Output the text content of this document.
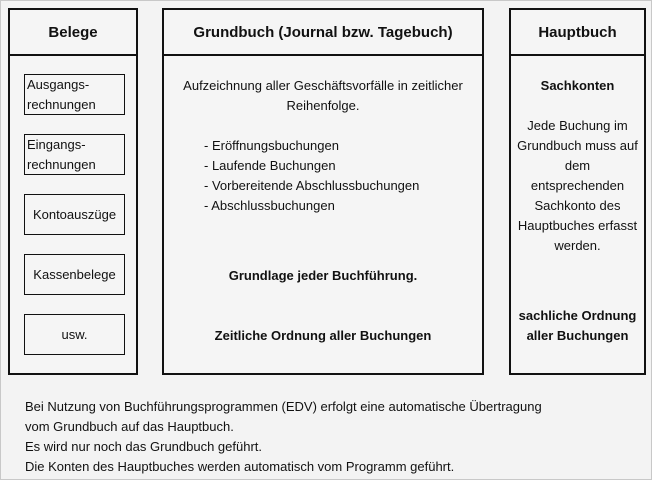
Belege
Ausgangs-
rechnungen
Eingangs-
rechnungen
Kontoauszüge
Kassenbelege
usw.
Grundbuch (Journal bzw. Tagebuch)
Aufzeichnung aller Geschäftsvorfälle in zeitlicher
Reihenfolge.
- Eröffnungsbuchungen
- Laufende Buchungen
- Vorbereitende Abschlussbuchungen
- Abschlussbuchungen
Grundlage jeder Buchführung.
Zeitliche Ordnung aller Buchungen
Hauptbuch
Sachkonten
Jede Buchung im
Grundbuch muss auf
dem
entsprechenden
Sachkonto des
Hauptbuches erfasst
werden.
sachliche Ordnung
aller Buchungen
Bei Nutzung von Buchführungsprogrammen (EDV) erfolgt eine automatische Übertragung
vom Grundbuch auf das Hauptbuch.
Es wird nur noch das Grundbuch geführt.
Die Konten des Hauptbuches werden automatisch vom Programm geführt.
